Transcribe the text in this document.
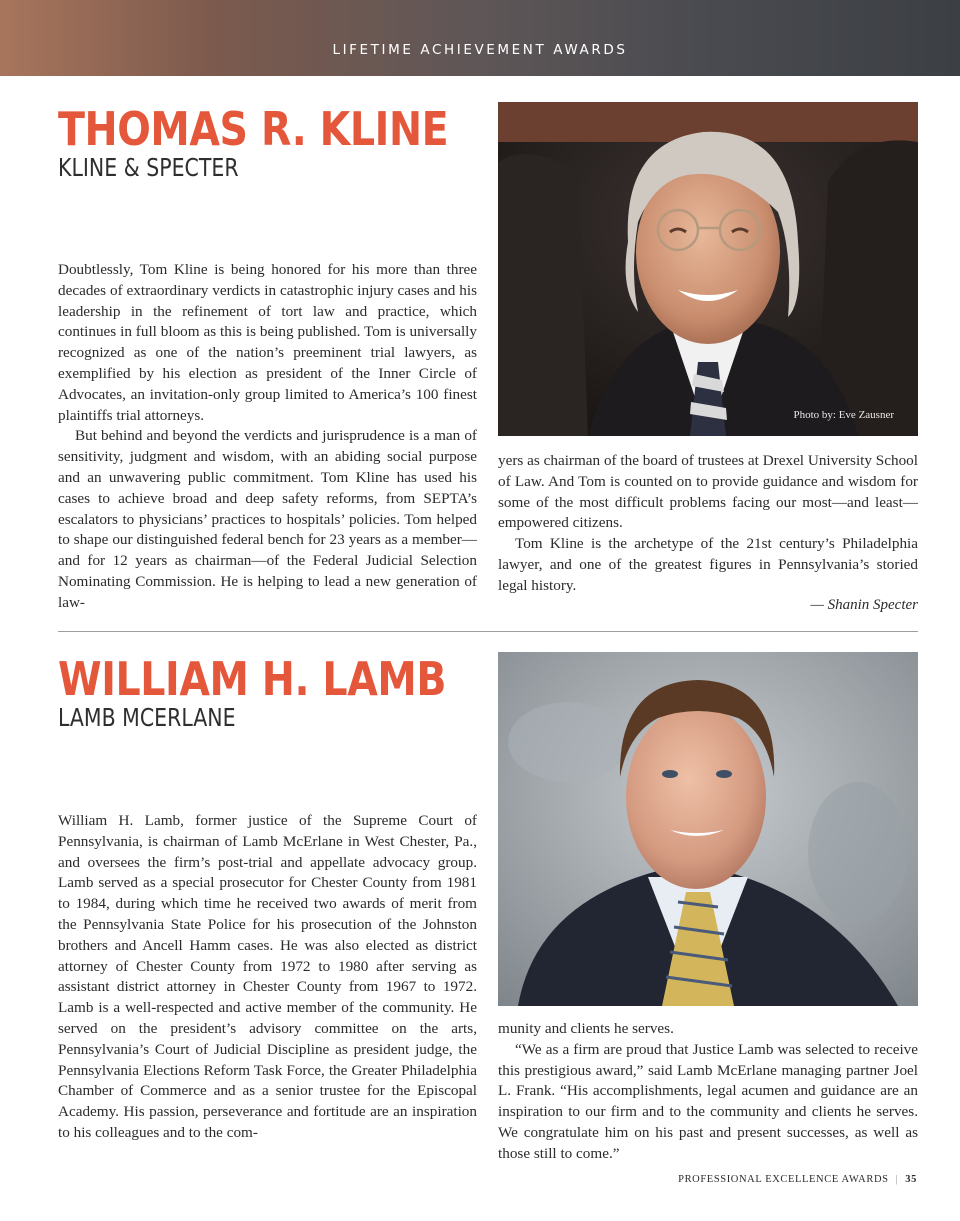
LIFETIME ACHIEVEMENT AWARDS
THOMAS R. KLINE
KLINE & SPECTER
Photo by: Eve Zausner

Doubtlessly, Tom Kline is being honored for his more than three decades of extraordinary verdicts in catastrophic injury cases and his leadership in the refinement of tort law and practice, which continues in full bloom as this is being published. Tom is universally recognized as one of the nation’s preeminent trial lawyers, as exemplified by his election as president of the Inner Circle of Advocates, an invitation-only group limited to America’s 100 finest plaintiffs trial attorneys.

But behind and beyond the verdicts and jurisprudence is a man of sensitivity, judgment and wisdom, with an abiding social purpose and an unwavering public commitment. Tom Kline has used his cases to achieve broad and deep safety reforms, from SEPTA’s escalators to physicians’ practices to hospitals’ policies. Tom helped to shape our distinguished federal bench for 23 years as a member—and for 12 years as chairman—of the Federal Judicial Selection Nominating Commission. He is helping to lead a new generation of law-

yers as chairman of the board of trustees at Drexel University School of Law. And Tom is counted on to provide guidance and wisdom for some of the most difficult problems facing our most—and least—empowered citizens.

Tom Kline is the archetype of the 21st century’s Philadelphia lawyer, and one of the greatest figures in Pennsylvania’s storied legal history.

— Shanin Specter
WILLIAM H. LAMB
LAMB MCERLANE

William H. Lamb, former justice of the Supreme Court of Pennsylvania, is chairman of Lamb McErlane in West Chester, Pa., and oversees the firm’s post-trial and appellate advocacy group. Lamb served as a special prosecutor for Chester County from 1981 to 1984, during which time he received two awards of merit from the Pennsylvania State Police for his prosecution of the Johnston brothers and Ancell Hamm cases. He was also elected as district attorney of Chester County from 1972 to 1980 after serving as assistant district attorney in Chester County from 1967 to 1972. Lamb is a well-respected and active member of the community. He served on the president’s advisory committee on the arts, Pennsylvania’s Court of Judicial Discipline as president judge, the Pennsylvania Elections Reform Task Force, the Greater Philadelphia Chamber of Commerce and as a senior trustee for the Episcopal Academy. His passion, perseverance and fortitude are an inspiration to his colleagues and to the com-

munity and clients he serves.

“We as a firm are proud that Justice Lamb was selected to receive this prestigious award,” said Lamb McErlane managing partner Joel L. Frank. “His accomplishments, legal acumen and guidance are an inspiration to our firm and to the community and clients he serves. We congratulate him on his past and present successes, as well as those still to come.”

PROFESSIONAL EXCELLENCE AWARDS | 35
